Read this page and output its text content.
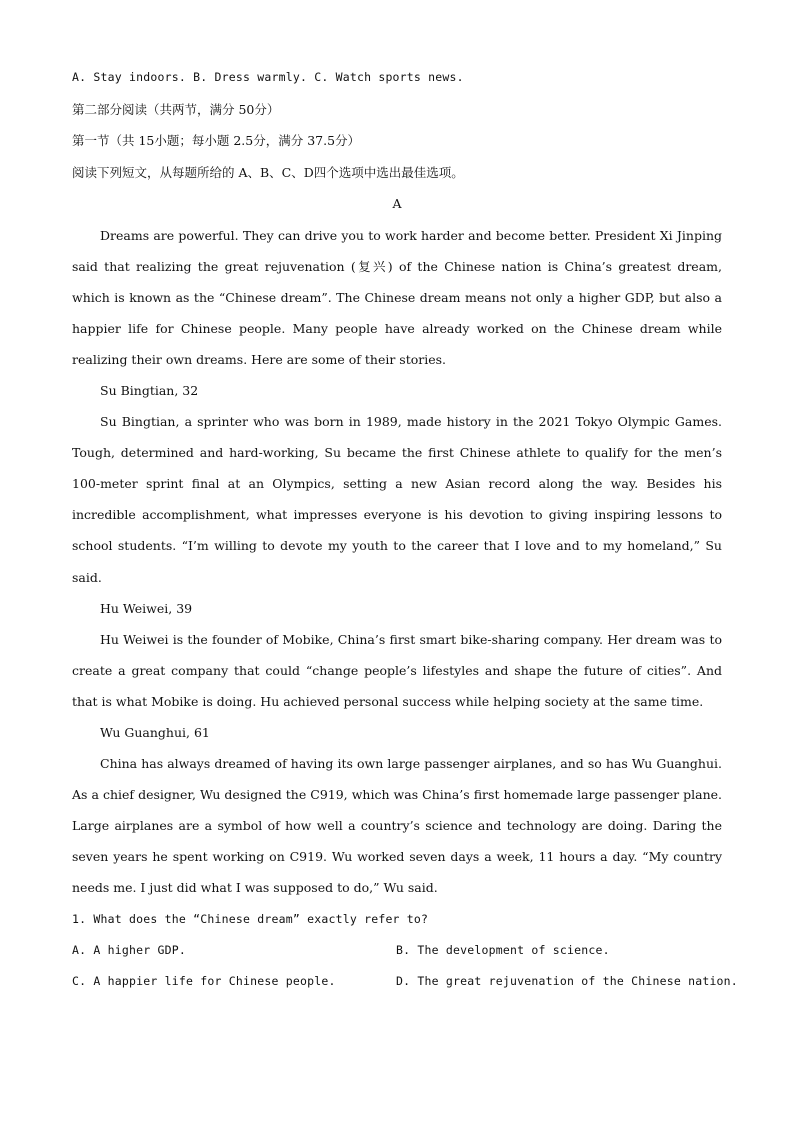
A. Stay indoors. B. Dress warmly. C. Watch sports news.

第二部分阅读（共两节，满分 50分）

第一节（共 15小题；每小题 2.5分，满分 37.5分）

阅读下列短文，从每题所给的 A、B、C、D四个选项中选出最佳选项。

A

Dreams are powerful. They can drive you to work harder and become better. President Xi Jinping said that realizing the great rejuvenation (复兴) of the Chinese nation is China’s greatest dream, which is known as the “Chinese dream”. The Chinese dream means not only a higher GDP, but also a happier life for Chinese people. Many people have already worked on the Chinese dream while realizing their own dreams. Here are some of their stories.

Su Bingtian, 32

Su Bingtian, a sprinter who was born in 1989, made history in the 2021 Tokyo Olympic Games. Tough, determined and hard-working, Su became the first Chinese athlete to qualify for the men’s 100-meter sprint final at an Olympics, setting a new Asian record along the way. Besides his incredible accomplishment, what impresses everyone is his devotion to giving inspiring lessons to school students. “I’m willing to devote my youth to the career that I love and to my homeland,” Su said.

Hu Weiwei, 39

Hu Weiwei is the founder of Mobike, China’s first smart bike-sharing company. Her dream was to create a great company that could “change people’s lifestyles and shape the future of cities”. And that is what Mobike is doing. Hu achieved personal success while helping society at the same time.

Wu Guanghui, 61

China has always dreamed of having its own large passenger airplanes, and so has Wu Guanghui. As a chief designer, Wu designed the C919, which was China’s first homemade large passenger plane. Large airplanes are a symbol of how well a country’s science and technology are doing. Daring the seven years he spent working on C919. Wu worked seven days a week, 11 hours a day. “My country needs me. I just did what I was supposed to do,” Wu said.

1. What does the “Chinese dream” exactly refer to?

A. A higher GDP.	B. The development of science.
C. A happier life for Chinese people.	D. The great rejuvenation of the Chinese nation.
